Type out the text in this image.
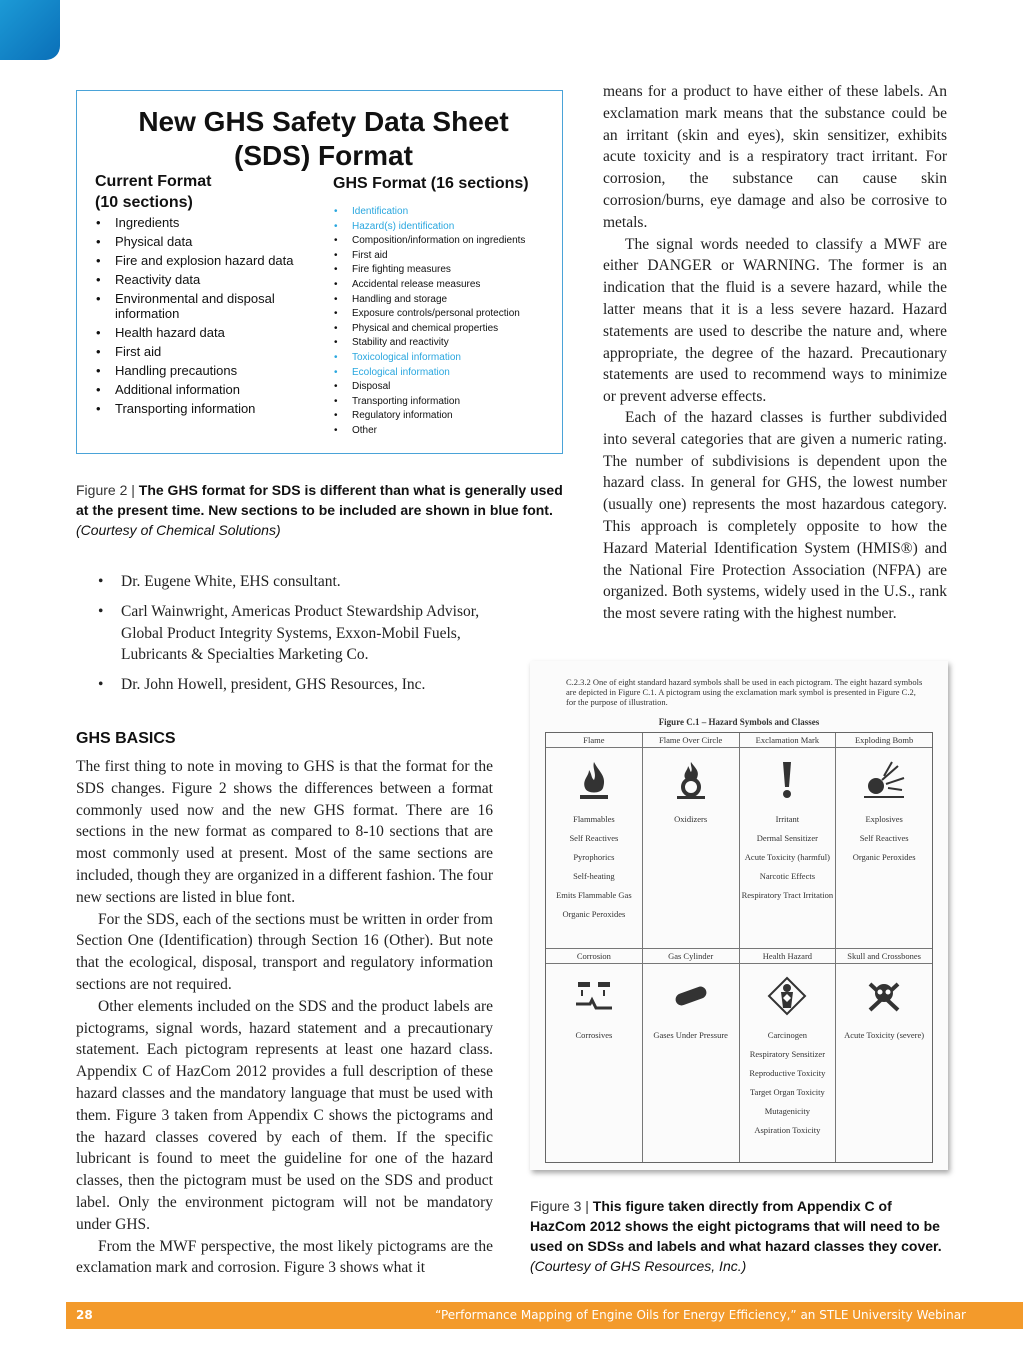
New GHS Safety Data Sheet
(SDS) Format
Current Format
(10 sections)
GHS Format (16 sections)
• Ingredients
• Physical data
• Fire and explosion hazard data
• Reactivity data
• Environmental and disposal information
• Health hazard data
• First aid
• Handling precautions
• Additional information
• Transporting information
• Identification
• Hazard(s) identification
• Composition/information on ingredients
• First aid
• Fire fighting measures
• Accidental release measures
• Handling and storage
• Exposure controls/personal protection
• Physical and chemical properties
• Stability and reactivity
• Toxicological information
• Ecological information
• Disposal
• Transporting information
• Regulatory information
• Other
Figure 2 | The GHS format for SDS is different than what is generally used at the present time. New sections to be included are shown in blue font. (Courtesy of Chemical Solutions)
• Dr. Eugene White, EHS consultant.
• Carl Wainwright, Americas Product Stewardship Advisor, Global Product Integrity Systems, Exxon-Mobil Fuels, Lubricants & Specialties Marketing Co.
• Dr. John Howell, president, GHS Resources, Inc.
GHS BASICS

The first thing to note in moving to GHS is that the format for the SDS changes. Figure 2 shows the differences between a format commonly used now and the new GHS format. There are 16 sections in the new format as compared to 8-10 sections that are most commonly used at present. Most of the same sections are included, though they are organized in a different fashion. The four new sections are listed in blue font.

For the SDS, each of the sections must be written in order from Section One (Identification) through Section 16 (Other). But note that the ecological, disposal, transport and regulatory information sections are not required.

Other elements included on the SDS and the product labels are pictograms, signal words, hazard statement and a precautionary statement. Each pictogram represents at least one hazard class. Appendix C of HazCom 2012 provides a full description of these hazard classes and the mandatory language that must be used with them. Figure 3 taken from Appendix C shows the pictograms and the hazard classes covered by each of them. If the specific lubricant is found to meet the guideline for one of the hazard classes, then the pictogram must be used on the SDS and product label. Only the environment pictogram will not be mandatory under GHS.

From the MWF perspective, the most likely pictograms are the exclamation mark and corrosion. Figure 3 shows what it

means for a product to have either of these labels. An exclamation mark means that the substance could be an irritant (skin and eyes), skin sensitizer, exhibits acute toxicity and is a respiratory tract irritant. For corrosion, the substance can cause skin corrosion/burns, eye damage and also be corrosive to metals.

The signal words needed to classify a MWF are either DANGER or WARNING. The former is an indication that the fluid is a severe hazard, while the latter means that it is a less severe hazard. Hazard statements are used to describe the nature and, where appropriate, the degree of the hazard. Precautionary statements are used to recommend ways to minimize or prevent adverse effects.

Each of the hazard classes is further subdivided into several categories that are given a numeric rating. The number of subdivisions is dependent upon the hazard class. In general for GHS, the lowest number (usually one) represents the most hazardous category. This approach is completely opposite to how the Hazard Material Identification System (HMIS®) and the National Fire Protection Association (NFPA) are organized. Both systems, widely used in the U.S., rank the most severe rating with the highest number.

C.2.3.2 One of eight standard hazard symbols shall be used in each pictogram. The eight hazard symbols are depicted in Figure C.1. A pictogram using the exclamation mark symbol is presented in Figure C.2, for the purpose of illustration.
Figure C.1 – Hazard Symbols and Classes
Flame
Flammables
Self Reactives
Pyrophorics
Self-heating
Emits Flammable Gas
Organic Peroxides
Flame Over Circle
Oxidizers
Exclamation Mark
Irritant
Dermal Sensitizer
Acute Toxicity (harmful)
Narcotic Effects
Respiratory Tract Irritation
Exploding Bomb
Explosives
Self Reactives
Organic Peroxides
Corrosion
Corrosives
Gas Cylinder
Gases Under Pressure
Health Hazard
Carcinogen
Respiratory Sensitizer
Reproductive Toxicity
Target Organ Toxicity
Mutagenicity
Aspiration Toxicity
Skull and Crossbones
Acute Toxicity (severe)
Figure 3 | This figure taken directly from Appendix C of HazCom 2012 shows the eight pictograms that will need to be used on SDSs and labels and what hazard classes they cover. (Courtesy of GHS Resources, Inc.)
28	“Performance Mapping of Engine Oils for Energy Efficiency,” an STLE University Webinar
